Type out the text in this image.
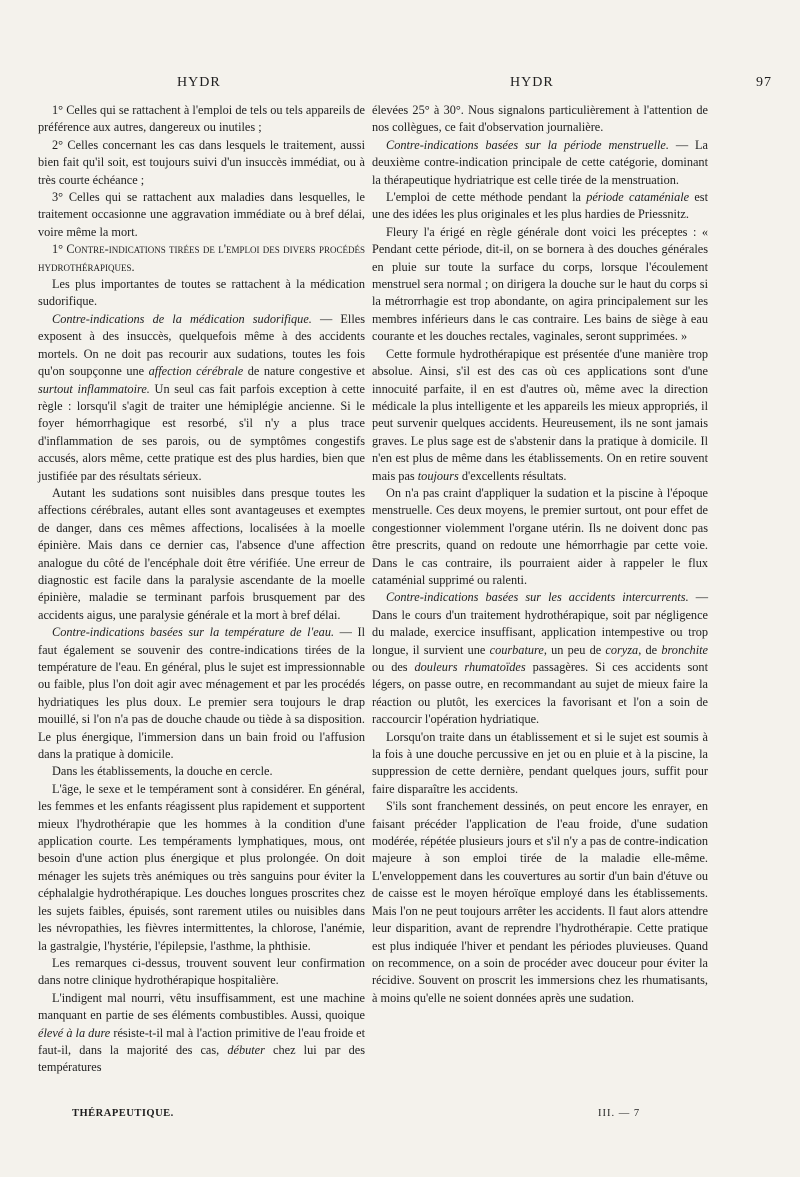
HYDR	HYDR	97

1° Celles qui se rattachent à l'emploi de tels ou tels appareils de préférence aux autres, dangereux ou inutiles ;

2° Celles concernant les cas dans lesquels le traitement, aussi bien fait qu'il soit, est toujours suivi d'un insuccès immédiat, ou à très courte échéance ;

3° Celles qui se rattachent aux maladies dans lesquelles, le traitement occasionne une aggravation immédiate ou à bref délai, voire même la mort.

1° Contre-indications tirées de l'emploi des divers procédés hydrothérapiques.

Les plus importantes de toutes se rattachent à la médication sudorifique.

Contre-indications de la médication sudorifique. — Elles exposent à des insuccès, quelquefois même à des accidents mortels. On ne doit pas recourir aux sudations, toutes les fois qu'on soupçonne une affection cérébrale de nature congestive et surtout inflammatoire. Un seul cas fait parfois exception à cette règle : lorsqu'il s'agit de traiter une hémiplégie ancienne. Si le foyer hémorrhagique est resorbé, s'il n'y a plus trace d'inflammation de ses parois, ou de symptômes congestifs accusés, alors même, cette pratique est des plus hardies, bien que justifiée par des résultats sérieux.

Autant les sudations sont nuisibles dans presque toutes les affections cérébrales, autant elles sont avantageuses et exemptes de danger, dans ces mêmes affections, localisées à la moelle épinière. Mais dans ce dernier cas, l'absence d'une affection analogue du côté de l'encéphale doit être vérifiée. Une erreur de diagnostic est facile dans la paralysie ascendante de la moelle épinière, maladie se terminant parfois brusquement par des accidents aigus, une paralysie générale et la mort à bref délai.

Contre-indications basées sur la température de l'eau. — Il faut également se souvenir des contre-indications tirées de la température de l'eau. En général, plus le sujet est impressionnable ou faible, plus l'on doit agir avec ménagement et par les procédés hydriatiques les plus doux. Le premier sera toujours le drap mouillé, si l'on n'a pas de douche chaude ou tiède à sa disposition. Le plus énergique, l'immersion dans un bain froid ou l'affusion dans la pratique à domicile.

Dans les établissements, la douche en cercle.

L'âge, le sexe et le tempérament sont à considérer. En général, les femmes et les enfants réagissent plus rapidement et supportent mieux l'hydrothérapie que les hommes à la condition d'une application courte. Les tempéraments lymphatiques, mous, ont besoin d'une action plus énergique et plus prolongée. On doit ménager les sujets très anémiques ou très sanguins pour éviter la céphalalgie hydrothérapique. Les douches longues proscrites chez les sujets faibles, épuisés, sont rarement utiles ou nuisibles dans les névropathies, les fièvres intermittentes, la chlorose, l'anémie, la gastralgie, l'hystérie, l'épilepsie, l'asthme, la phthisie.

Les remarques ci-dessus, trouvent souvent leur confirmation dans notre clinique hydrothérapique hospitalière.

L'indigent mal nourri, vêtu insuffisamment, est une machine manquant en partie de ses éléments combustibles. Aussi, quoique élevé à la dure résiste-t-il mal à l'action primitive de l'eau froide et faut-il, dans la majorité des cas, débuter chez lui par des températures

élevées 25° à 30°. Nous signalons particulièrement à l'attention de nos collègues, ce fait d'observation journalière.

Contre-indications basées sur la période menstruelle. — La deuxième contre-indication principale de cette catégorie, dominant la thérapeutique hydriatrique est celle tirée de la menstruation.

L'emploi de cette méthode pendant la période cataméniale est une des idées les plus originales et les plus hardies de Priessnitz.

Fleury l'a érigé en règle générale dont voici les préceptes : « Pendant cette période, dit-il, on se bornera à des douches générales en pluie sur toute la surface du corps, lorsque l'écoulement menstruel sera normal ; on dirigera la douche sur le haut du corps si la métrorrhagie est trop abondante, on agira principalement sur les membres inférieurs dans le cas contraire. Les bains de siège à eau courante et les douches rectales, vaginales, seront supprimées. »

Cette formule hydrothérapique est présentée d'une manière trop absolue. Ainsi, s'il est des cas où ces applications sont d'une innocuité parfaite, il en est d'autres où, même avec la direction médicale la plus intelligente et les appareils les mieux appropriés, il peut survenir quelques accidents. Heureusement, ils ne sont jamais graves. Le plus sage est de s'abstenir dans la pratique à domicile. Il n'en est plus de même dans les établissements. On en retire souvent mais pas toujours d'excellents résultats.

On n'a pas craint d'appliquer la sudation et la piscine à l'époque menstruelle. Ces deux moyens, le premier surtout, ont pour effet de congestionner violemment l'organe utérin. Ils ne doivent donc pas être prescrits, quand on redoute une hémorrhagie par cette voie. Dans le cas contraire, ils pourraient aider à rappeler le flux cataménial supprimé ou ralenti.

Contre-indications basées sur les accidents intercurrents. — Dans le cours d'un traitement hydrothérapique, soit par négligence du malade, exercice insuffisant, application intempestive ou trop longue, il survient une courbature, un peu de coryza, de bronchite ou des douleurs rhumatoïdes passagères. Si ces accidents sont légers, on passe outre, en recommandant au sujet de mieux faire la réaction ou plutôt, les exercices la favorisant et l'on a soin de raccourcir l'opération hydriatique.

Lorsqu'on traite dans un établissement et si le sujet est soumis à la fois à une douche percussive en jet ou en pluie et à la piscine, la suppression de cette dernière, pendant quelques jours, suffit pour faire disparaître les accidents.

S'ils sont franchement dessinés, on peut encore les enrayer, en faisant précéder l'application de l'eau froide, d'une sudation modérée, répétée plusieurs jours et s'il n'y a pas de contre-indication majeure à son emploi tirée de la maladie elle-même. L'enveloppement dans les couvertures au sortir d'un bain d'étuve ou de caisse est le moyen héroïque employé dans les établissements. Mais l'on ne peut toujours arrêter les accidents. Il faut alors attendre leur disparition, avant de reprendre l'hydrothérapie. Cette pratique est plus indiquée l'hiver et pendant les périodes pluvieuses. Quand on recommence, on a soin de procéder avec douceur pour éviter la récidive. Souvent on proscrit les immersions chez les rhumatisants, à moins qu'elle ne soient données après une sudation.

THÉRAPEUTIQUE.	III. — 7
